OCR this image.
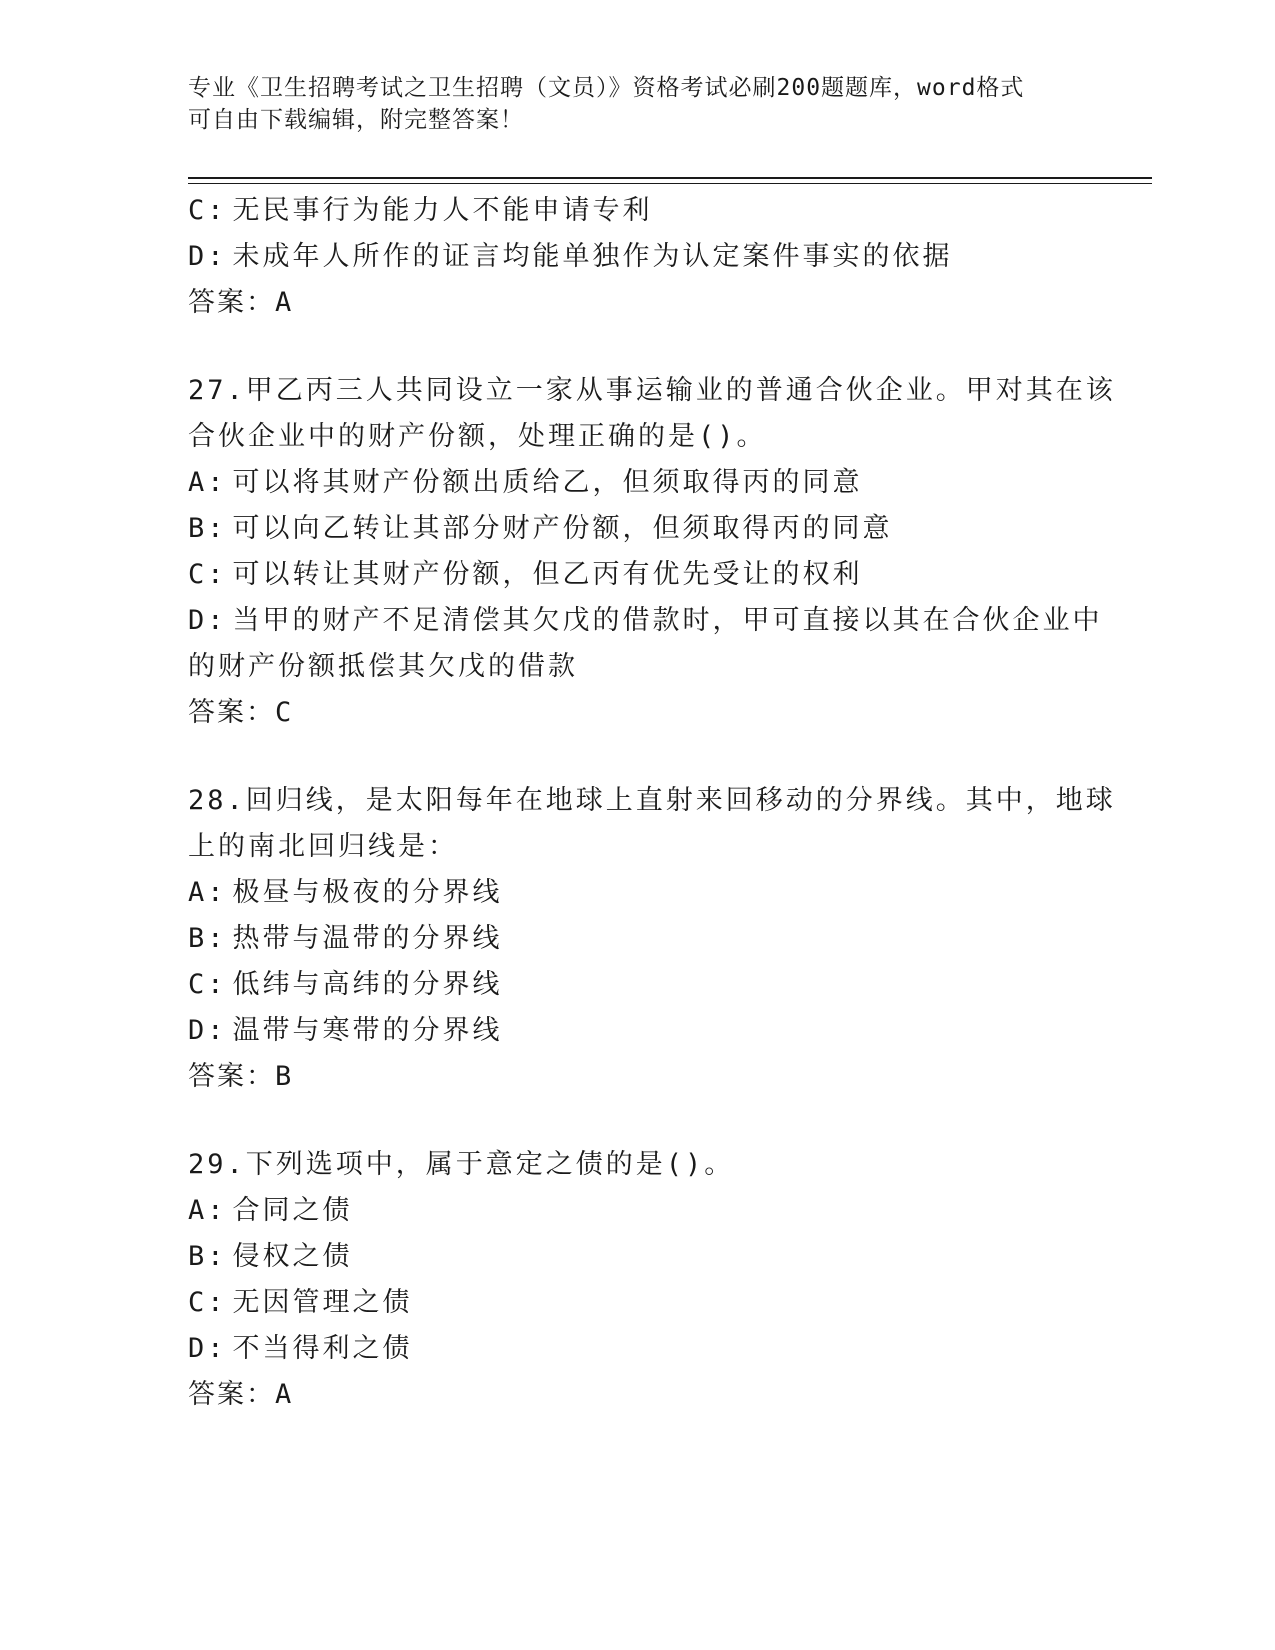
专业《卫生招聘考试之卫生招聘（文员）》资格考试必刷200题题库，word格式
可自由下载编辑，附完整答案！
C: 无民事行为能力人不能申请专利
D: 未成年人所作的证言均能单独作为认定案件事实的依据
答案：A
27.甲乙丙三人共同设立一家从事运输业的普通合伙企业。甲对其在该
合伙企业中的财产份额，处理正确的是()。
A: 可以将其财产份额出质给乙，但须取得丙的同意
B: 可以向乙转让其部分财产份额，但须取得丙的同意
C: 可以转让其财产份额，但乙丙有优先受让的权利
D: 当甲的财产不足清偿其欠戊的借款时，甲可直接以其在合伙企业中
的财产份额抵偿其欠戊的借款
答案：C
28.回归线，是太阳每年在地球上直射来回移动的分界线。其中，地球
上的南北回归线是：
A: 极昼与极夜的分界线
B: 热带与温带的分界线
C: 低纬与高纬的分界线
D: 温带与寒带的分界线
答案：B
29.下列选项中，属于意定之债的是()。
A: 合同之债
B: 侵权之债
C: 无因管理之债
D: 不当得利之债
答案：A
